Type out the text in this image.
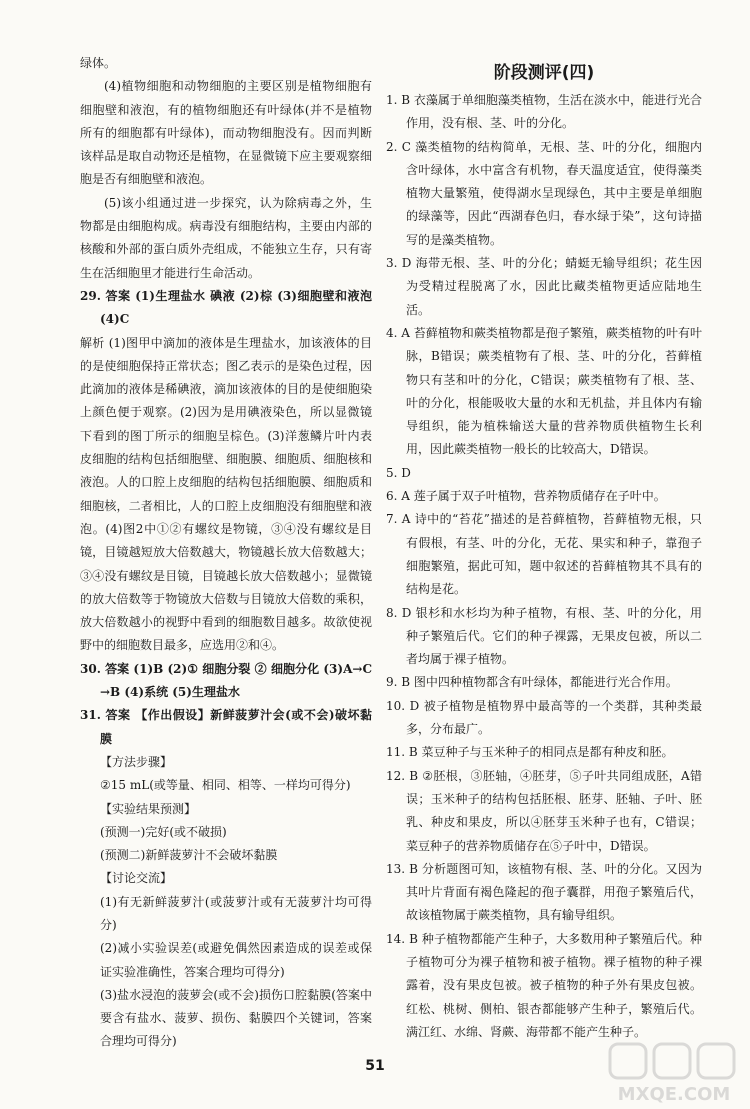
绿体。

(4)植物细胞和动物细胞的主要区别是植物细胞有细胞壁和液泡，有的植物细胞还有叶绿体(并不是植物所有的细胞都有叶绿体)，而动物细胞没有。因而判断该样品是取自动物还是植物，在显微镜下应主要观察细胞是否有细胞壁和液泡。

(5)该小组通过进一步探究，认为除病毒之外，生物都是由细胞构成。病毒没有细胞结构，主要由内部的核酸和外部的蛋白质外壳组成，不能独立生存，只有寄生在活细胞里才能进行生命活动。

29. 答案 (1)生理盐水 碘液 (2)棕 (3)细胞壁和液泡 (4)C

解析 (1)图甲中滴加的液体是生理盐水，加该液体的目的是使细胞保持正常状态；图乙表示的是染色过程，因此滴加的液体是稀碘液，滴加该液体的目的是使细胞染上颜色便于观察。(2)因为是用碘液染色，所以显微镜下看到的图丁所示的细胞呈棕色。(3)洋葱鳞片叶内表皮细胞的结构包括细胞壁、细胞膜、细胞质、细胞核和液泡。人的口腔上皮细胞的结构包括细胞膜、细胞质和细胞核，二者相比，人的口腔上皮细胞没有细胞壁和液泡。(4)图2中①②有螺纹是物镜，③④没有螺纹是目镜，目镜越短放大倍数越大，物镜越长放大倍数越大；③④没有螺纹是目镜，目镜越长放大倍数越小；显微镜的放大倍数等于物镜放大倍数与目镜放大倍数的乘积，放大倍数越小的视野中看到的细胞数目越多。故欲使视野中的细胞数目最多，应选用②和④。

30. 答案 (1)B (2)① 细胞分裂 ② 细胞分化 (3)A→C→B (4)系统 (5)生理盐水

31. 答案 【作出假设】新鲜菠萝汁会(或不会)破坏黏膜

【方法步骤】

②15 mL(或等量、相同、相等、一样均可得分)

【实验结果预测】

(预测一)完好(或不破损)

(预测二)新鲜菠萝汁不会破坏黏膜

【讨论交流】

(1)有无新鲜菠萝汁(或菠萝汁或有无菠萝汁均可得分)

(2)减小实验误差(或避免偶然因素造成的误差或保证实验准确性，答案合理均可得分)

(3)盐水浸泡的菠萝会(或不会)损伤口腔黏膜(答案中要含有盐水、菠萝、损伤、黏膜四个关键词，答案合理均可得分)

阶段测评(四)

1. B 衣藻属于单细胞藻类植物，生活在淡水中，能进行光合作用，没有根、茎、叶的分化。

2. C 藻类植物的结构简单，无根、茎、叶的分化，细胞内含叶绿体，水中富含有机物，春天温度适宜，使得藻类植物大量繁殖，使得湖水呈现绿色，其中主要是单细胞的绿藻等，因此“西湖春色归，春水绿于染”，这句诗描写的是藻类植物。

3. D 海带无根、茎、叶的分化；蜻蜓无输导组织；花生因为受精过程脱离了水，因此比藏类植物更适应陆地生活。

4. A 苔藓植物和蕨类植物都是孢子繁殖，蕨类植物的叶有叶脉，B错误；蕨类植物有了根、茎、叶的分化，苔藓植物只有茎和叶的分化，C错误；蕨类植物有了根、茎、叶的分化，根能吸收大量的水和无机盐，并且体内有输导组织，能为植株输送大量的营养物质供植物生长利用，因此蕨类植物一般长的比较高大，D错误。

5. D

6. A 莲子属于双子叶植物，营养物质储存在子叶中。

7. A 诗中的“苔花”描述的是苔藓植物，苔藓植物无根，只有假根，有茎、叶的分化，无花、果实和种子，靠孢子细胞繁殖，据此可知，题中叙述的苔藓植物其不具有的结构是花。

8. D 银杉和水杉均为种子植物，有根、茎、叶的分化，用种子繁殖后代。它们的种子裸露，无果皮包被，所以二者均属于裸子植物。

9. B 图中四种植物都含有叶绿体，都能进行光合作用。

10. D 被子植物是植物界中最高等的一个类群，其种类最多，分布最广。

11. B 菜豆种子与玉米种子的相同点是都有种皮和胚。

12. B ②胚根，③胚轴，④胚芽，⑤子叶共同组成胚，A错误；玉米种子的结构包括胚根、胚芽、胚轴、子叶、胚乳、种皮和果皮，所以④胚芽玉米种子也有，C错误；菜豆种子的营养物质储存在⑤子叶中，D错误。

13. B 分析题图可知，该植物有根、茎、叶的分化。又因为其叶片背面有褐色隆起的孢子囊群，用孢子繁殖后代，故该植物属于蕨类植物，具有输导组织。

14. B 种子植物都能产生种子，大多数用种子繁殖后代。种子植物可分为裸子植物和被子植物。裸子植物的种子裸露着，没有果皮包被。被子植物的种子外有果皮包被。红松、桃树、侧柏、银杏都能够产生种子，繁殖后代。满江红、水绵、肾蕨、海带都不能产生种子。

51
MXQE.COM
